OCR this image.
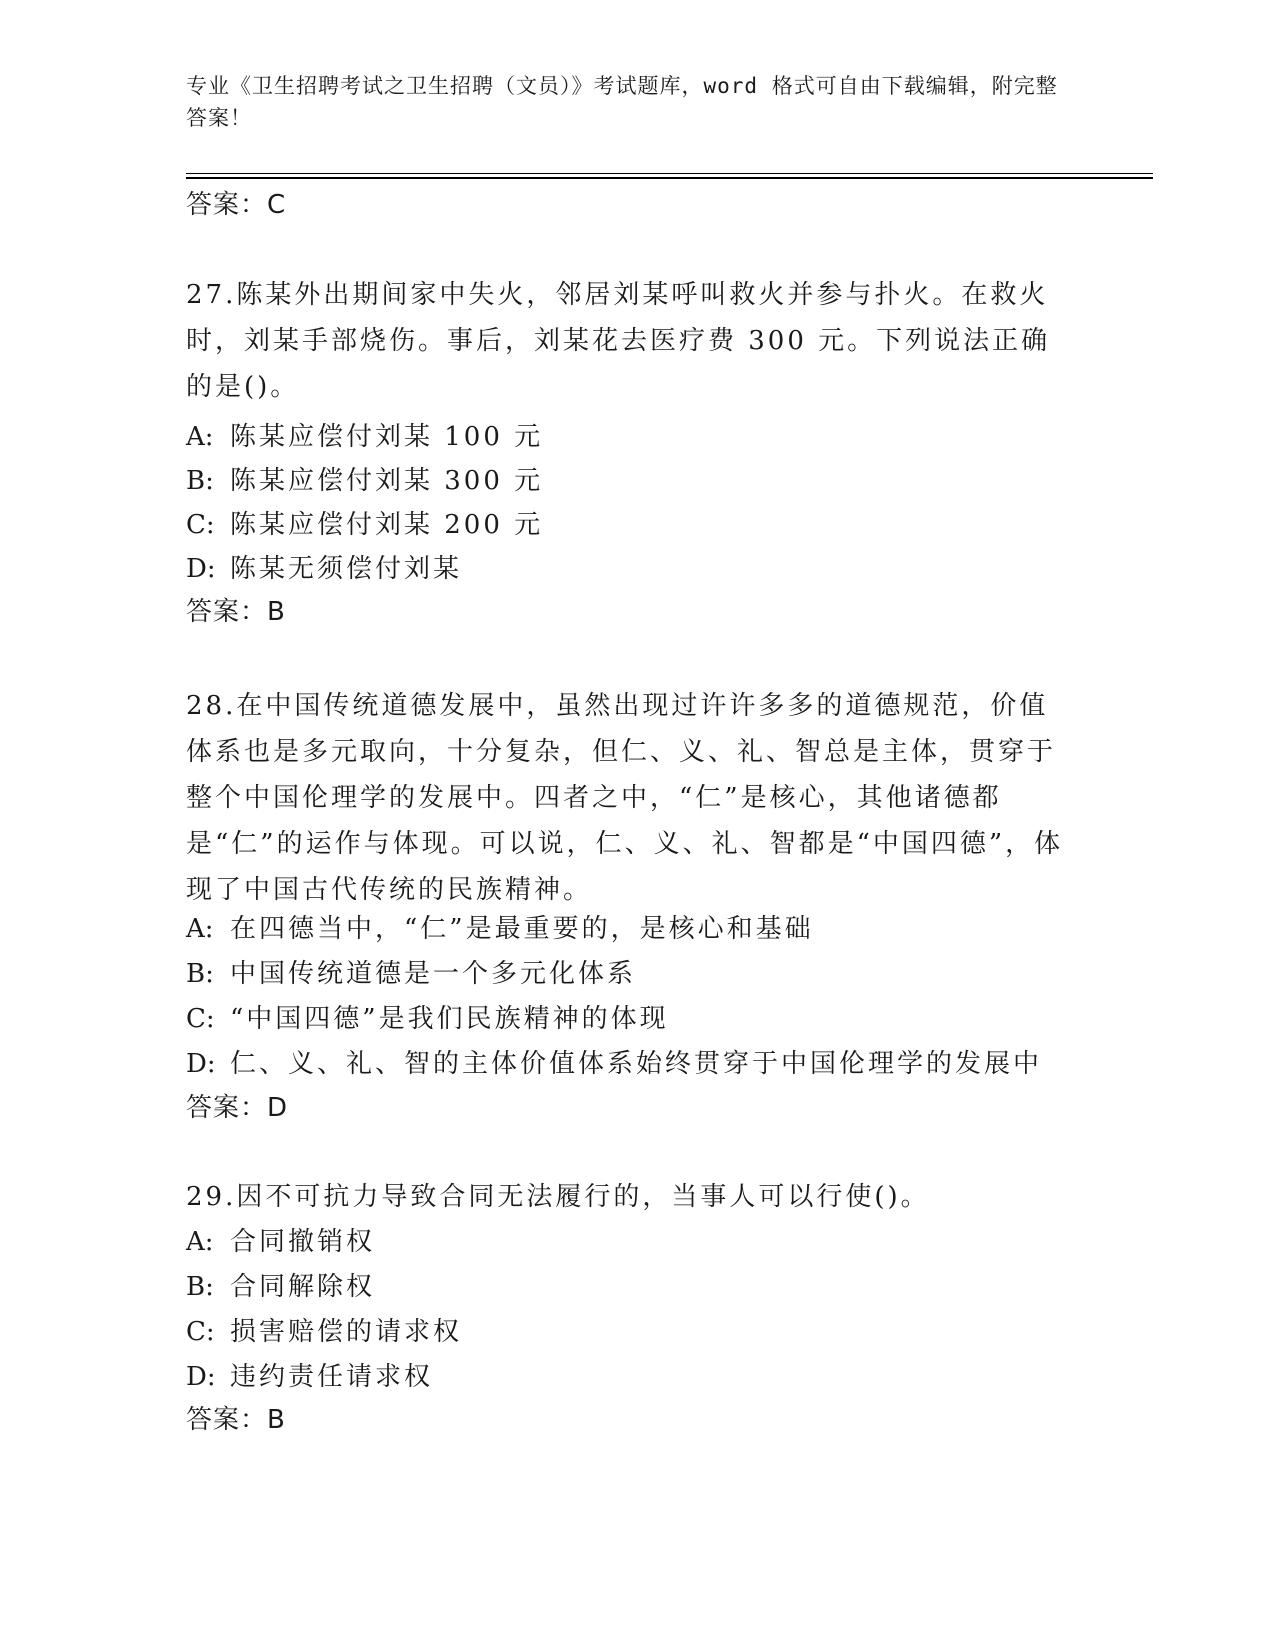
专业《卫生招聘考试之卫生招聘（文员）》考试题库，word 格式可自由下载编辑，附完整答案！
答案：C
27.陈某外出期间家中失火，邻居刘某呼叫救火并参与扑火。在救火时，刘某手部烧伤。事后，刘某花去医疗费 300 元。下列说法正确的是()。
A: 陈某应偿付刘某 100 元
B: 陈某应偿付刘某 300 元
C: 陈某应偿付刘某 200 元
D: 陈某无须偿付刘某
答案：B
28.在中国传统道德发展中，虽然出现过许许多多的道德规范，价值体系也是多元取向，十分复杂，但仁、义、礼、智总是主体，贯穿于整个中国伦理学的发展中。四者之中，“仁”是核心，其他诸德都是“仁”的运作与体现。可以说，仁、义、礼、智都是“中国四德”，体现了中国古代传统的民族精神。
A: 在四德当中，“仁”是最重要的，是核心和基础
B: 中国传统道德是一个多元化体系
C: “中国四德”是我们民族精神的体现
D: 仁、义、礼、智的主体价值体系始终贯穿于中国伦理学的发展中
答案：D
29.因不可抗力导致合同无法履行的，当事人可以行使()。
A: 合同撤销权
B: 合同解除权
C: 损害赔偿的请求权
D: 违约责任请求权
答案：B
